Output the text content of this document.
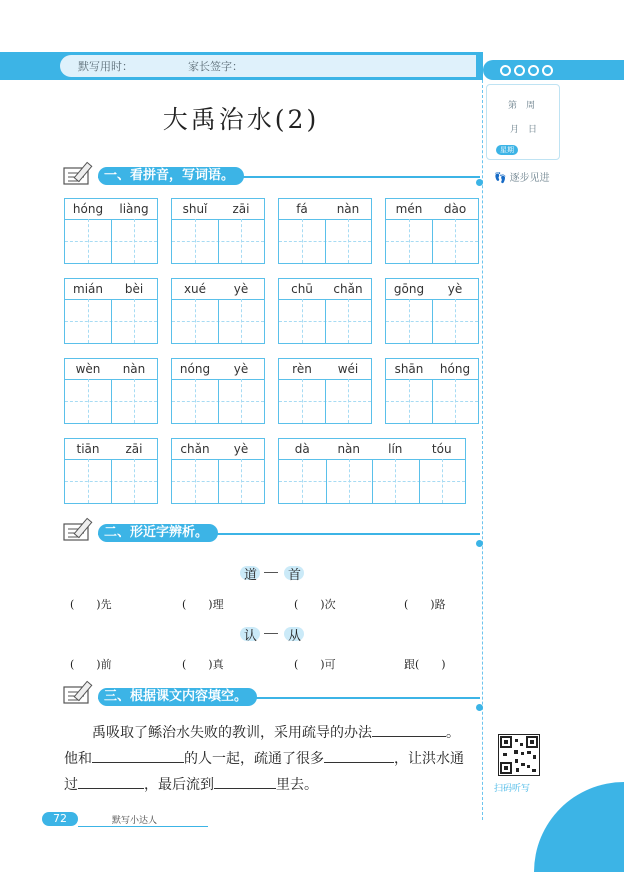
默写用时：	家长签字：
第　周
月　日
星期
👣 逐步见进
大禹治水(2)
一、看拼音，写词语。
hóng	liàng	shuǐ	zāi	fá	nàn	mén	dào
mián	bèi	xué	yè	chū	chǎn	gōng	yè
wèn	nàn	nóng	yè	rèn	wéi	shān	hóng
tiān	zāi	chǎn	yè	dà	nàn	lín	tóu
二、形近字辨析。
道 首
(　　)先	(　　)理	(　　)次	(　　)路
认 从
(　　)前	(　　)真	(　　)可	跟(　　)
三、根据课文内容填空。
禹吸取了鲧治水失败的教训，采用疏导的办法	。
他和	的人一起，疏通了很多	，让洪水通
过	，最后流到	里去。	扫码听写
72	默写小达人
